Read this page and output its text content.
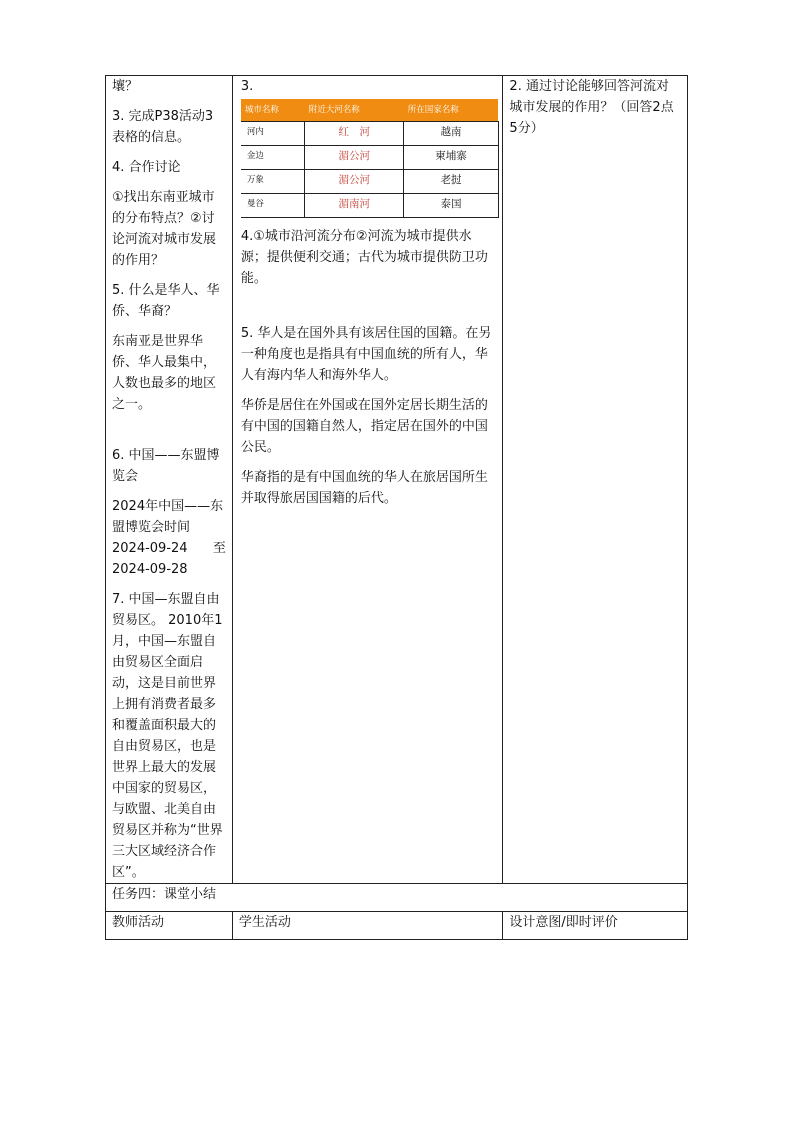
壤？

3. 完成P38活动3表格的信息。

4. 合作讨论

①找出东南亚城市的分布特点？②讨论河流对城市发展的作用？

5. 什么是华人、华侨、华裔？

东南亚是世界华侨、华人最集中，人数也最多的地区之一。

6. 中国——东盟博览会

2024年中国——东盟博览会时间

2024-09-24 至

2024-09-28

7. 中国—东盟自由贸易区。 2010年1月，中国—东盟自由贸易区全面启动，这是目前世界上拥有消费者最多和覆盖面积最大的自由贸易区，也是世界上最大的发展中国家的贸易区，与欧盟、北美自由贸易区并称为“世界三大区域经济合作区”。

3.

城市名称	附近大河名称	所在国家名称
河内	红　河	越南
金边	湄公河	柬埔寨
万象	湄公河	老挝
曼谷	湄南河	泰国

4.①城市沿河流分布②河流为城市提供水源；提供便利交通；古代为城市提供防卫功能。

5. 华人是在国外具有该居住国的国籍。在另一种角度也是指具有中国血统的所有人，华人有海内华人和海外华人。

华侨是居住在外国或在国外定居长期生活的有中国的国籍自然人，指定居在国外的中国公民。

华裔指的是有中国血统的华人在旅居国所生并取得旅居国国籍的后代。

2. 通过讨论能够回答河流对城市发展的作用？（回答2点5分）

任务四：课堂小结
教师活动	学生活动	设计意图/即时评价
